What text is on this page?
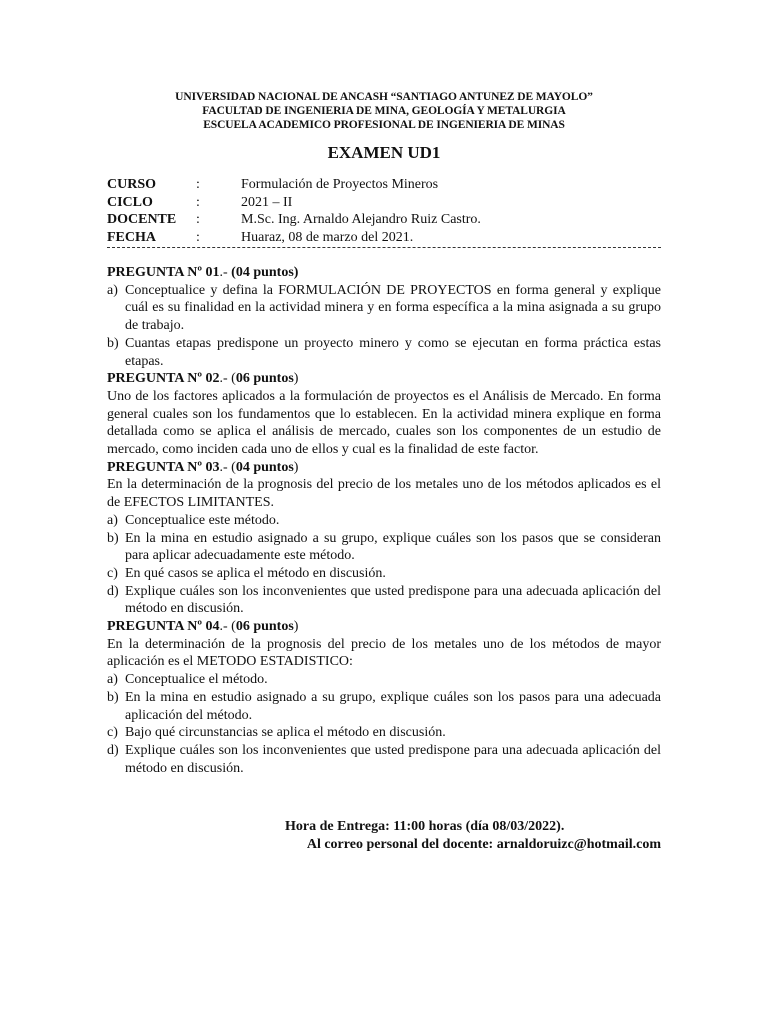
UNIVERSIDAD NACIONAL DE ANCASH “SANTIAGO ANTUNEZ DE MAYOLO”
FACULTAD DE INGENIERIA DE MINA, GEOLOGÍA Y METALURGIA
ESCUELA ACADEMICO PROFESIONAL DE INGENIERIA DE MINAS
EXAMEN UD1
CURSO	:	Formulación de Proyectos Mineros
CICLO	:	2021 – II
DOCENTE :	M.Sc. Ing. Arnaldo Alejandro Ruiz Castro.
FECHA	:	Huaraz, 08 de marzo del 2021.
PREGUNTA Nº 01.- (04 puntos)
a) Conceptualice y defina la FORMULACIÓN DE PROYECTOS en forma general y explique cuál es su finalidad en la actividad minera y en forma específica a la mina asignada a su grupo de trabajo.
b) Cuantas etapas predispone un proyecto minero y como se ejecutan en forma práctica estas etapas.
PREGUNTA Nº 02.- (06 puntos)
Uno de los factores aplicados a la formulación de proyectos es el Análisis de Mercado. En forma general cuales son los fundamentos que lo establecen. En la actividad minera explique en forma detallada como se aplica el análisis de mercado, cuales son los componentes de un estudio de mercado, como inciden cada uno de ellos y cual es la finalidad de este factor.
PREGUNTA Nº 03.- (04 puntos)
En la determinación de la prognosis del precio de los metales uno de los métodos aplicados es el de EFECTOS LIMITANTES.
a) Conceptualice este método.
b) En la mina en estudio asignado a su grupo, explique cuáles son los pasos que se consideran para aplicar adecuadamente este método.
c) En qué casos se aplica el método en discusión.
d) Explique cuáles son los inconvenientes que usted predispone para una adecuada aplicación del método en discusión.
PREGUNTA Nº 04.- (06 puntos)
En la determinación de la prognosis del precio de los metales uno de los métodos de mayor aplicación es el METODO ESTADISTICO:
a) Conceptualice el método.
b) En la mina en estudio asignado a su grupo, explique cuáles son los pasos para una adecuada aplicación del método.
c) Bajo qué circunstancias se aplica el método en discusión.
d) Explique cuáles son los inconvenientes que usted predispone para una adecuada aplicación del método en discusión.
Hora de Entrega: 11:00 horas (día 08/03/2022).
Al correo personal del docente: arnaldoruizc@hotmail.com
